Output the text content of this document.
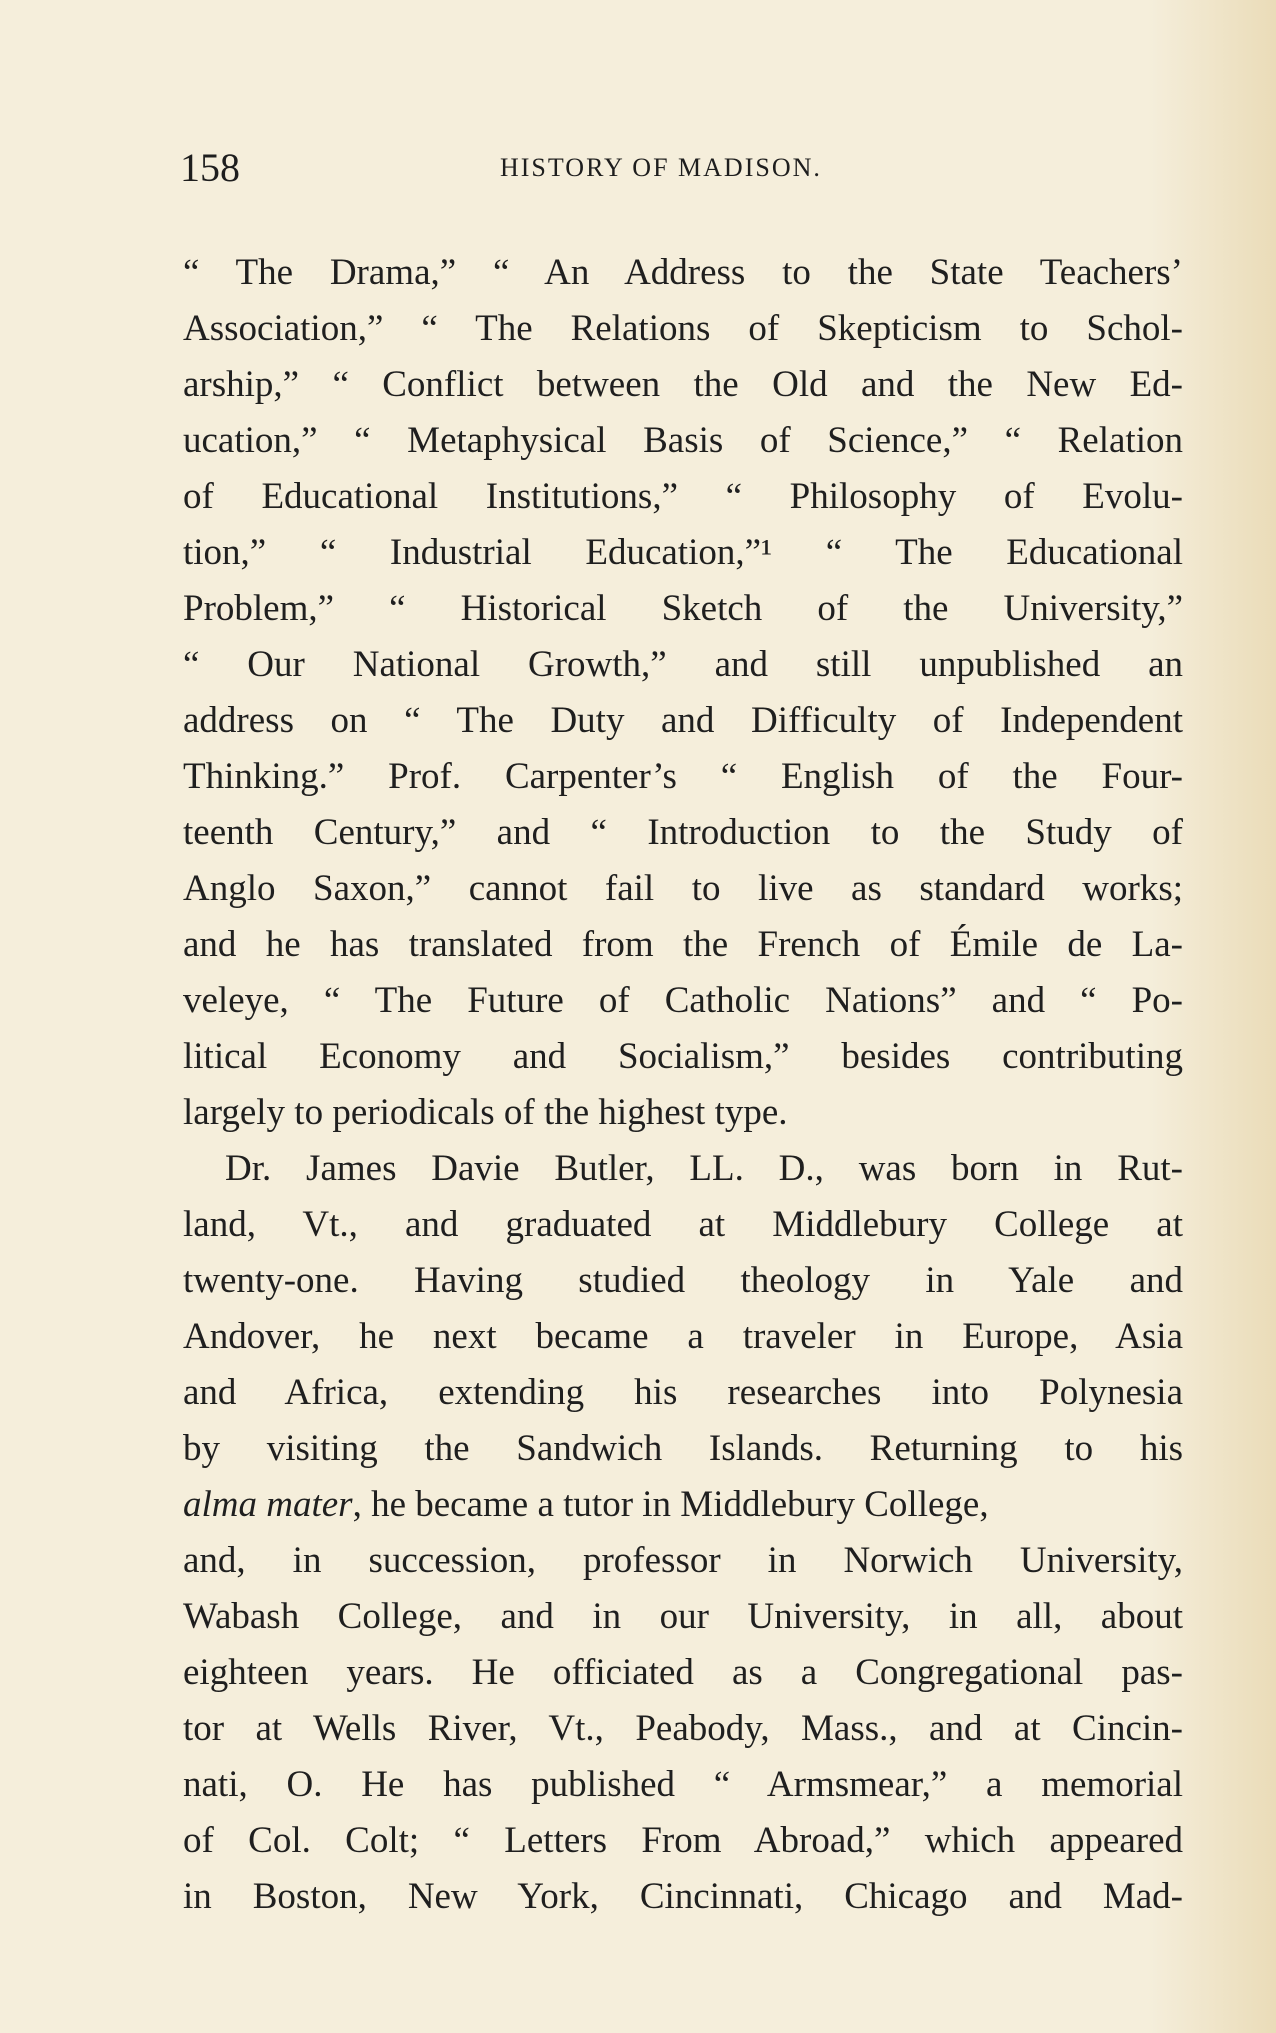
158	HISTORY OF MADISON.
“ The Drama,” “ An Address to the State Teachers’
Association,” “ The Relations of Skepticism to Schol-
arship,” “ Conflict between the Old and the New Ed-
ucation,” “ Metaphysical Basis of Science,” “ Relation
of Educational Institutions,” “ Philosophy of Evolu-
tion,” “ Industrial Education,”¹ “ The Educational
Problem,” “ Historical Sketch of the University,”
“ Our National Growth,” and still unpublished an
address on “ The Duty and Difficulty of Independent
Thinking.” Prof. Carpenter’s “ English of the Four-
teenth Century,” and “ Introduction to the Study of
Anglo Saxon,” cannot fail to live as standard works;
and he has translated from the French of Émile de La-
veleye, “ The Future of Catholic Nations” and “ Po-
litical Economy and Socialism,” besides contributing
largely to periodicals of the highest type.
Dr. James Davie Butler, LL. D., was born in Rut-
land, Vt., and graduated at Middlebury College at
twenty-one. Having studied theology in Yale and
Andover, he next became a traveler in Europe, Asia
and Africa, extending his researches into Polynesia
by visiting the Sandwich Islands. Returning to his
alma mater, he became a tutor in Middlebury College,
and, in succession, professor in Norwich University,
Wabash College, and in our University, in all, about
eighteen years. He officiated as a Congregational pas-
tor at Wells River, Vt., Peabody, Mass., and at Cincin-
nati, O. He has published “ Armsmear,” a memorial
of Col. Colt; “ Letters From Abroad,” which appeared
in Boston, New York, Cincinnati, Chicago and Mad-
